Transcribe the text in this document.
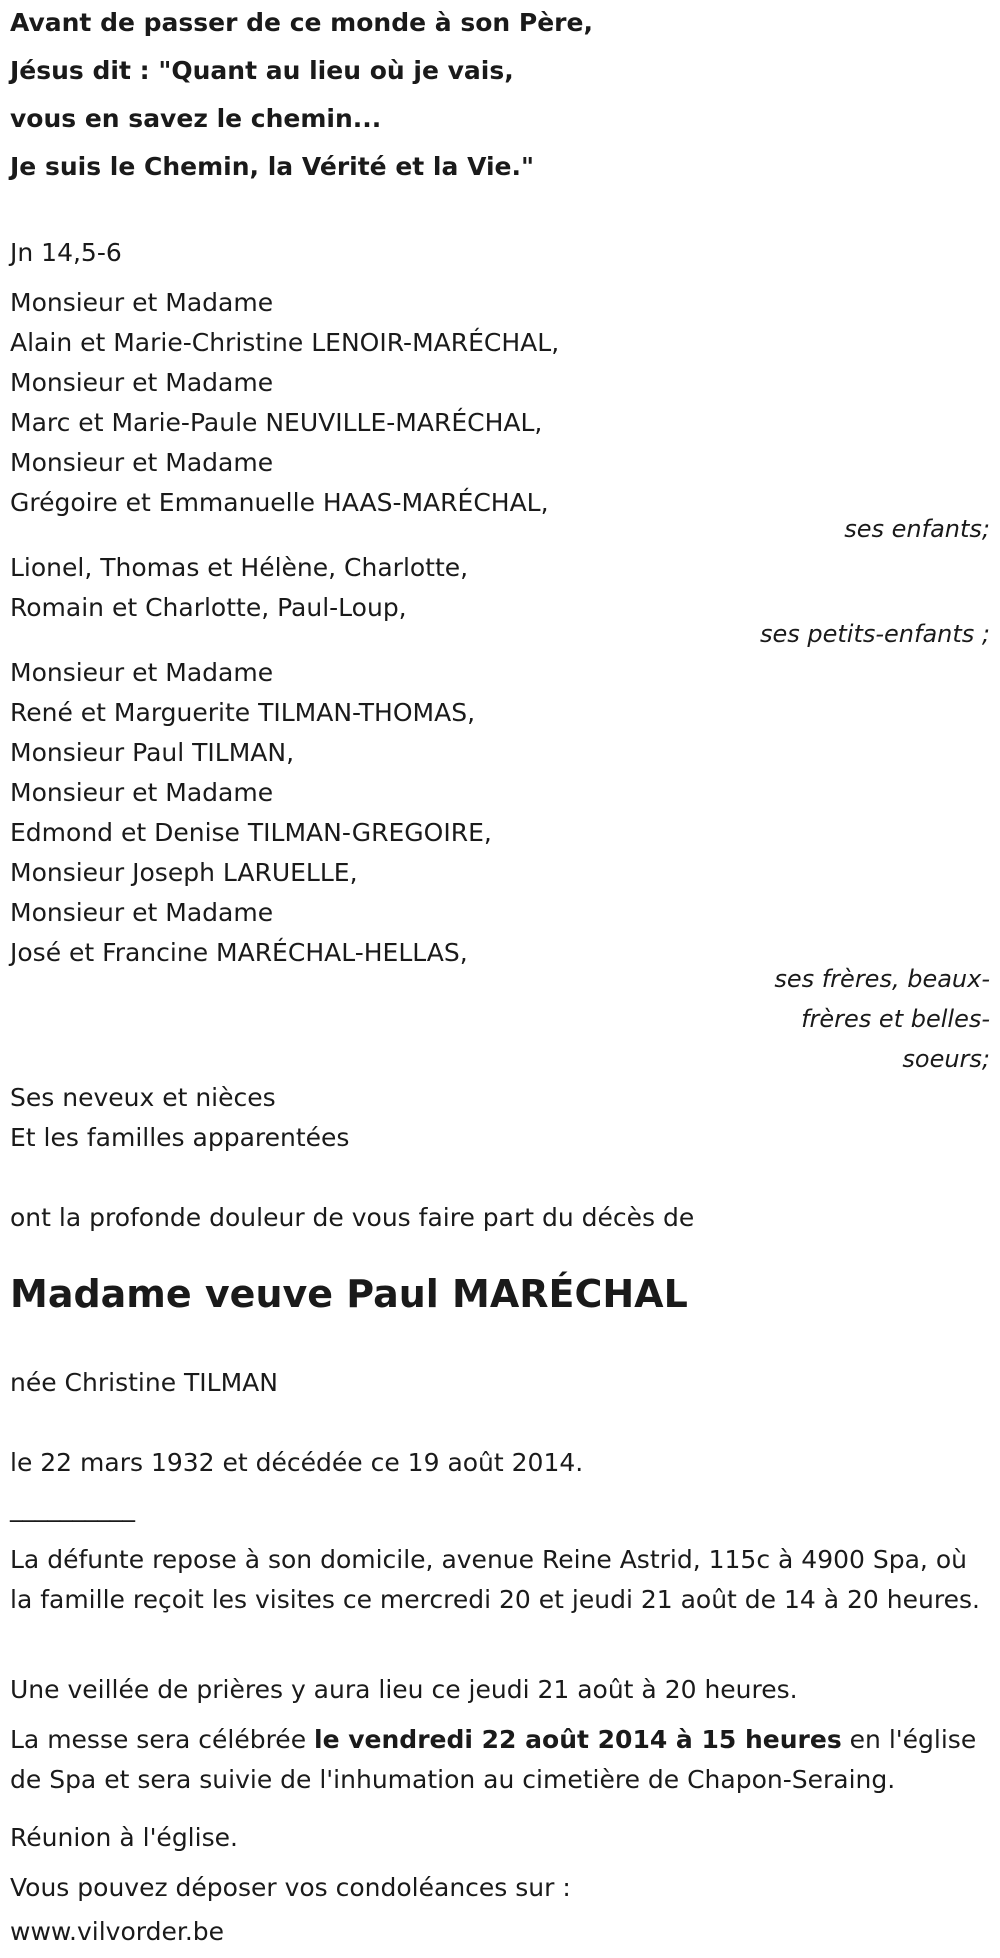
Avant de passer de ce monde à son Père,
Jésus dit : "Quant au lieu où je vais,
vous en savez le chemin...
Je suis le Chemin, la Vérité et la Vie."
Jn 14,5-6
Monsieur et Madame
Alain et Marie-Christine LENOIR-MARÉCHAL,
Monsieur et Madame
Marc et Marie-Paule NEUVILLE-MARÉCHAL,
Monsieur et Madame
Grégoire et Emmanuelle HAAS-MARÉCHAL,
ses enfants;
Lionel, Thomas et Hélène, Charlotte,
Romain et Charlotte, Paul-Loup,
ses petits-enfants ;
Monsieur et Madame
René et Marguerite TILMAN-THOMAS,
Monsieur Paul TILMAN,
Monsieur et Madame
Edmond et Denise TILMAN-GREGOIRE,
Monsieur Joseph LARUELLE,
Monsieur et Madame
José et Francine MARÉCHAL-HELLAS,
ses frères, beaux-
frères et belles-
soeurs;
Ses neveux et nièces
Et les familles apparentées
ont la profonde douleur de vous faire part du décès de
Madame veuve Paul MARÉCHAL
née Christine TILMAN
le 22 mars 1932 et décédée ce 19 août 2014.
__________
La défunte repose à son domicile, avenue Reine Astrid, 115c à 4900 Spa, où la famille reçoit les visites ce mercredi 20 et jeudi 21 août de 14 à 20 heures.
Une veillée de prières y aura lieu ce jeudi 21 août à 20 heures.
La messe sera célébrée le vendredi 22 août 2014 à 15 heures en l'église de Spa et sera suivie de l'inhumation au cimetière de Chapon-Seraing.
Réunion à l'église.
Vous pouvez déposer vos condoléances sur :
www.vilvorder.be
